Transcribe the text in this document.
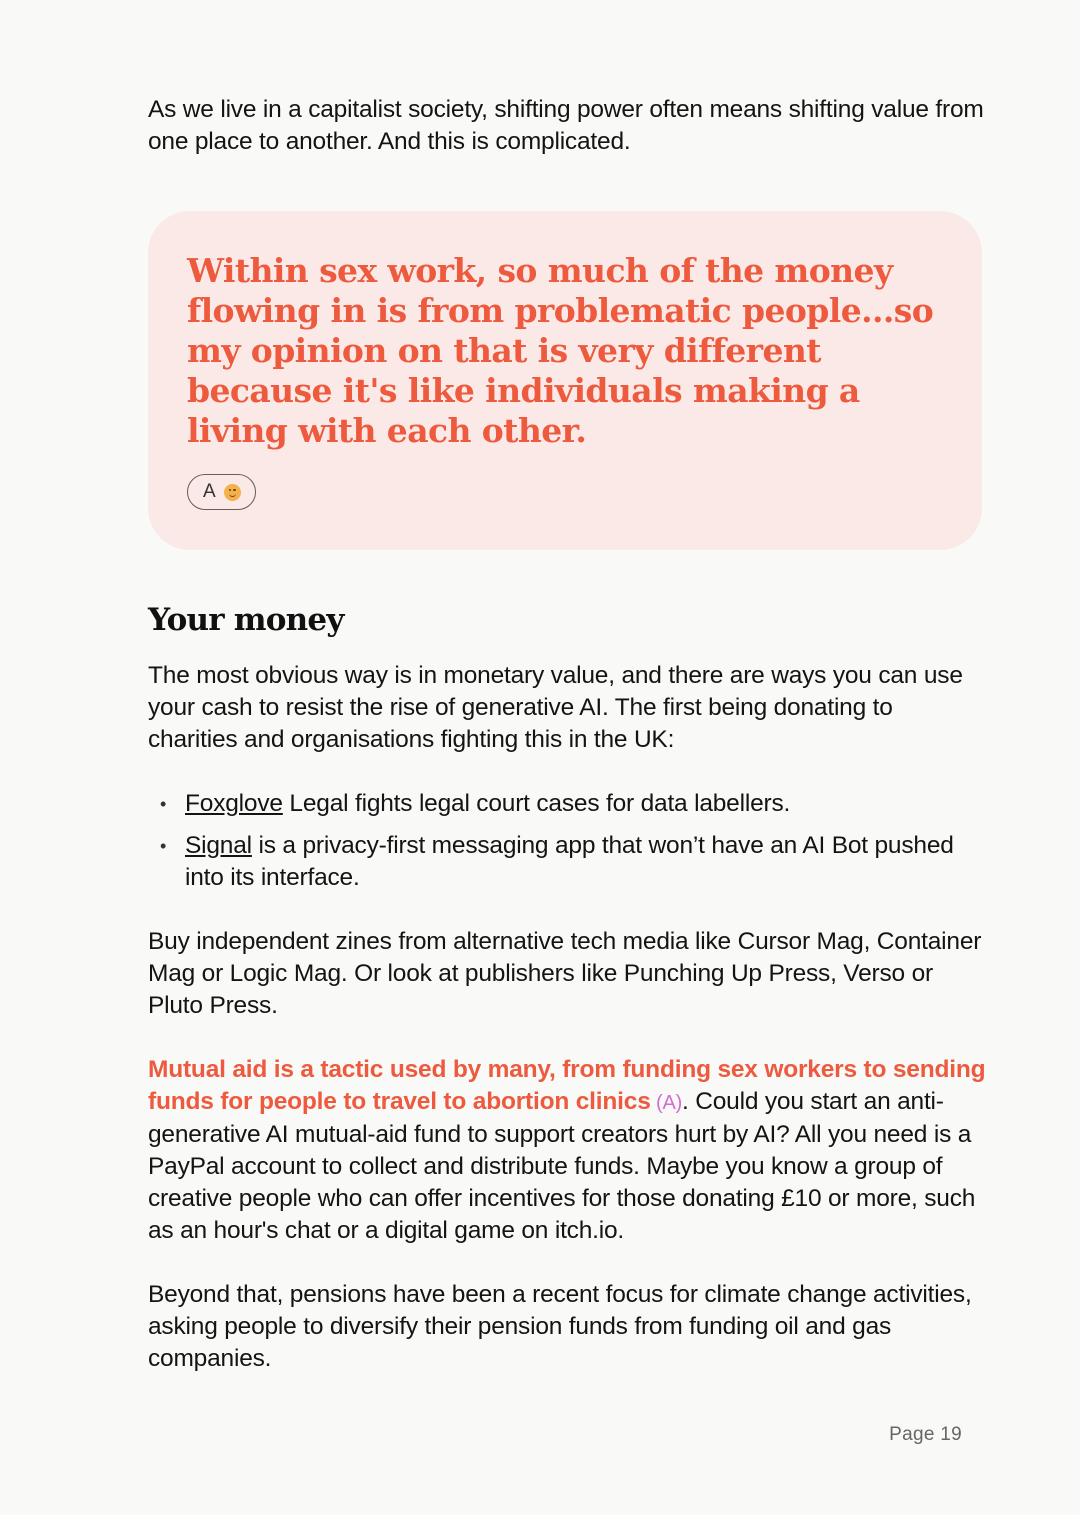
As we live in a capitalist society, shifting power often means shifting value from one place to another. And this is complicated.

Within sex work, so much of the money flowing in is from problematic people...so my opinion on that is very different because it's like individuals making a living with each other.
A
Your money

The most obvious way is in monetary value, and there are ways you can use your cash to resist the rise of generative AI. The first being donating to charities and organisations fighting this in the UK:

• Foxglove Legal fights legal court cases for data labellers.
• Signal is a privacy-first messaging app that won’t have an AI Bot pushed into its interface.

Buy independent zines from alternative tech media like Cursor Mag, Container Mag or Logic Mag. Or look at publishers like Punching Up Press, Verso or Pluto Press.

Mutual aid is a tactic used by many, from funding sex workers to sending funds for people to travel to abortion clinics (A). Could you start an anti-generative AI mutual-aid fund to support creators hurt by AI? All you need is a PayPal account to collect and distribute funds. Maybe you know a group of creative people who can offer incentives for those donating £10 or more, such as an hour's chat or a digital game on itch.io.

Beyond that, pensions have been a recent focus for climate change activities, asking people to diversify their pension funds from funding oil and gas companies.

Page 19
